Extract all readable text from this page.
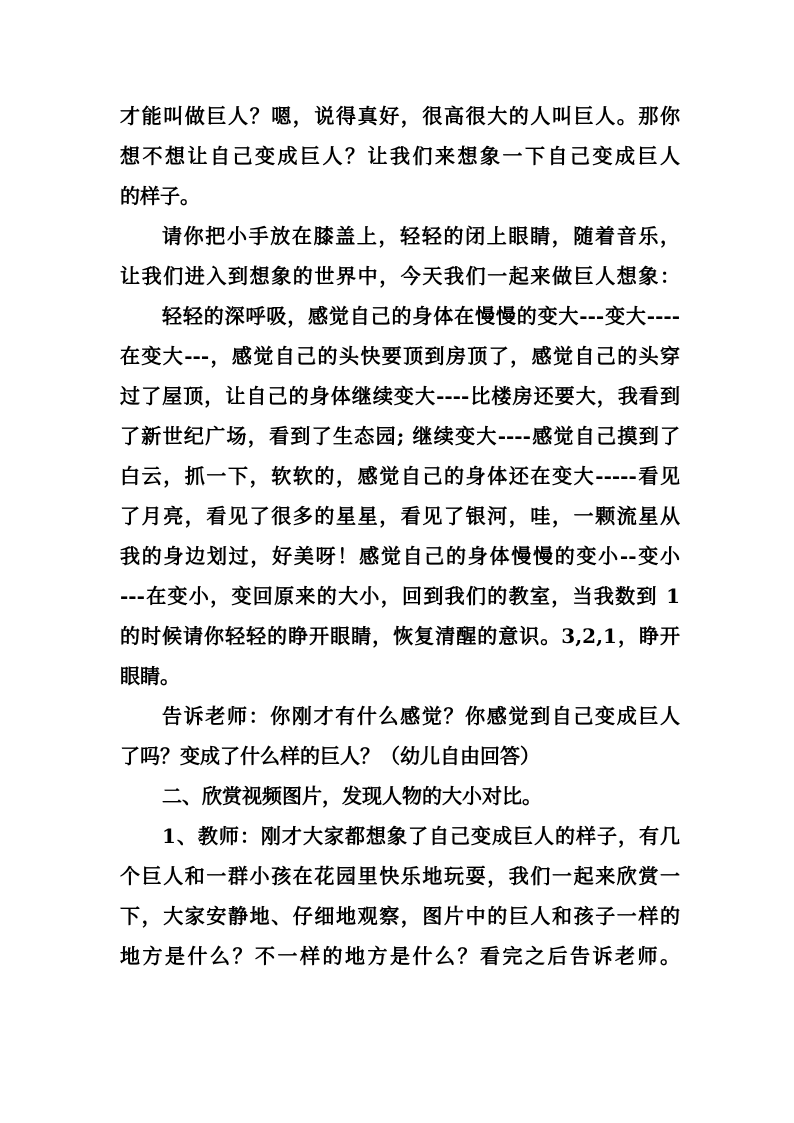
才能叫做巨人？嗯，说得真好，很高很大的人叫巨人。那你
想不想让自己变成巨人？让我们来想象一下自己变成巨人
的样子。
请你把小手放在膝盖上，轻轻的闭上眼睛，随着音乐，
让我们进入到想象的世界中，今天我们一起来做巨人想象：
轻轻的深呼吸，感觉自己的身体在慢慢的变大---变大----
在变大---，感觉自己的头快要顶到房顶了，感觉自己的头穿
过了屋顶，让自己的身体继续变大----比楼房还要大，我看到
了新世纪广场，看到了生态园; 继续变大----感觉自己摸到了
白云，抓一下，软软的，感觉自己的身体还在变大-----看见
了月亮，看见了很多的星星，看见了银河，哇，一颗流星从
我的身边划过，好美呀！感觉自己的身体慢慢的变小--变小
---在变小，变回原来的大小，回到我们的教室，当我数到 1
的时候请你轻轻的睁开眼睛，恢复清醒的意识。3,2,1，睁开
眼睛。
告诉老师：你刚才有什么感觉？你感觉到自己变成巨人
了吗？变成了什么样的巨人？（幼儿自由回答）
二、欣赏视频图片，发现人物的大小对比。
1、教师：刚才大家都想象了自己变成巨人的样子，有几
个巨人和一群小孩在花园里快乐地玩耍，我们一起来欣赏一
下，大家安静地、仔细地观察，图片中的巨人和孩子一样的
地方是什么？不一样的地方是什么？看完之后告诉老师。
